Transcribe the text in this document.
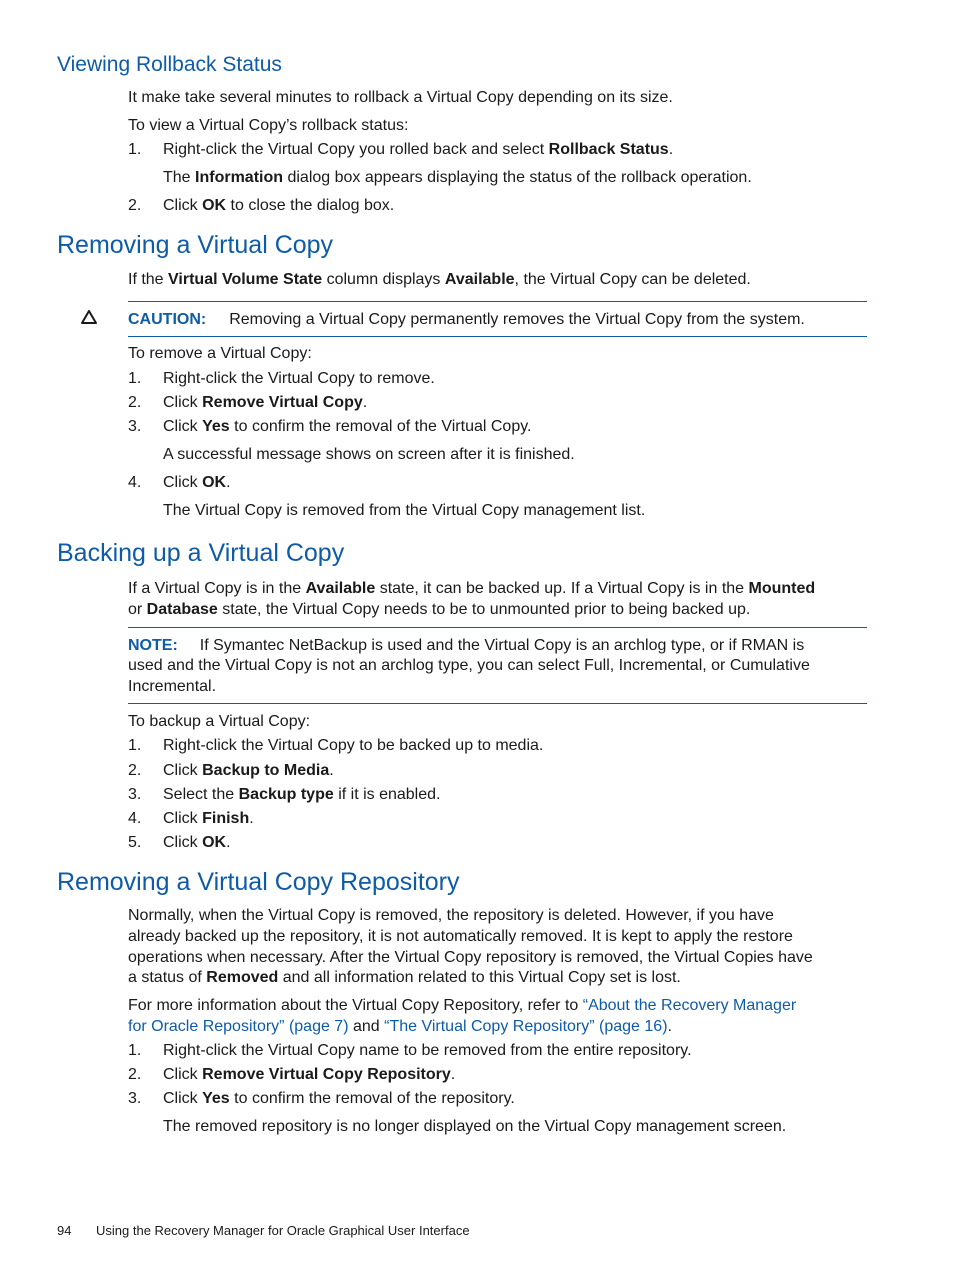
Viewing Rollback Status
It make take several minutes to rollback a Virtual Copy depending on its size.
To view a Virtual Copy’s rollback status:
1.	Right-click the Virtual Copy you rolled back and select Rollback Status.
The Information dialog box appears displaying the status of the rollback operation.
2.	Click OK to close the dialog box.
Removing a Virtual Copy
If the Virtual Volume State column displays Available, the Virtual Copy can be deleted.
CAUTION: Removing a Virtual Copy permanently removes the Virtual Copy from the system.
To remove a Virtual Copy:
1.	Right-click the Virtual Copy to remove.
2.	Click Remove Virtual Copy.
3.	Click Yes to confirm the removal of the Virtual Copy.
A successful message shows on screen after it is finished.
4.	Click OK.
The Virtual Copy is removed from the Virtual Copy management list.
Backing up a Virtual Copy
If a Virtual Copy is in the Available state, it can be backed up. If a Virtual Copy is in the Mounted
or Database state, the Virtual Copy needs to be to unmounted prior to being backed up.
NOTE: If Symantec NetBackup is used and the Virtual Copy is an archlog type, or if RMAN is
used and the Virtual Copy is not an archlog type, you can select Full, Incremental, or Cumulative
Incremental.
To backup a Virtual Copy:
1.	Right-click the Virtual Copy to be backed up to media.
2.	Click Backup to Media.
3.	Select the Backup type if it is enabled.
4.	Click Finish.
5.	Click OK.
Removing a Virtual Copy Repository
Normally, when the Virtual Copy is removed, the repository is deleted. However, if you have
already backed up the repository, it is not automatically removed. It is kept to apply the restore
operations when necessary. After the Virtual Copy repository is removed, the Virtual Copies have
a status of Removed and all information related to this Virtual Copy set is lost.
For more information about the Virtual Copy Repository, refer to “About the Recovery Manager
for Oracle Repository” (page 7) and “The Virtual Copy Repository” (page 16).
1.	Right-click the Virtual Copy name to be removed from the entire repository.
2.	Click Remove Virtual Copy Repository.
3.	Click Yes to confirm the removal of the repository.
The removed repository is no longer displayed on the Virtual Copy management screen.
94 Using the Recovery Manager for Oracle Graphical User Interface
